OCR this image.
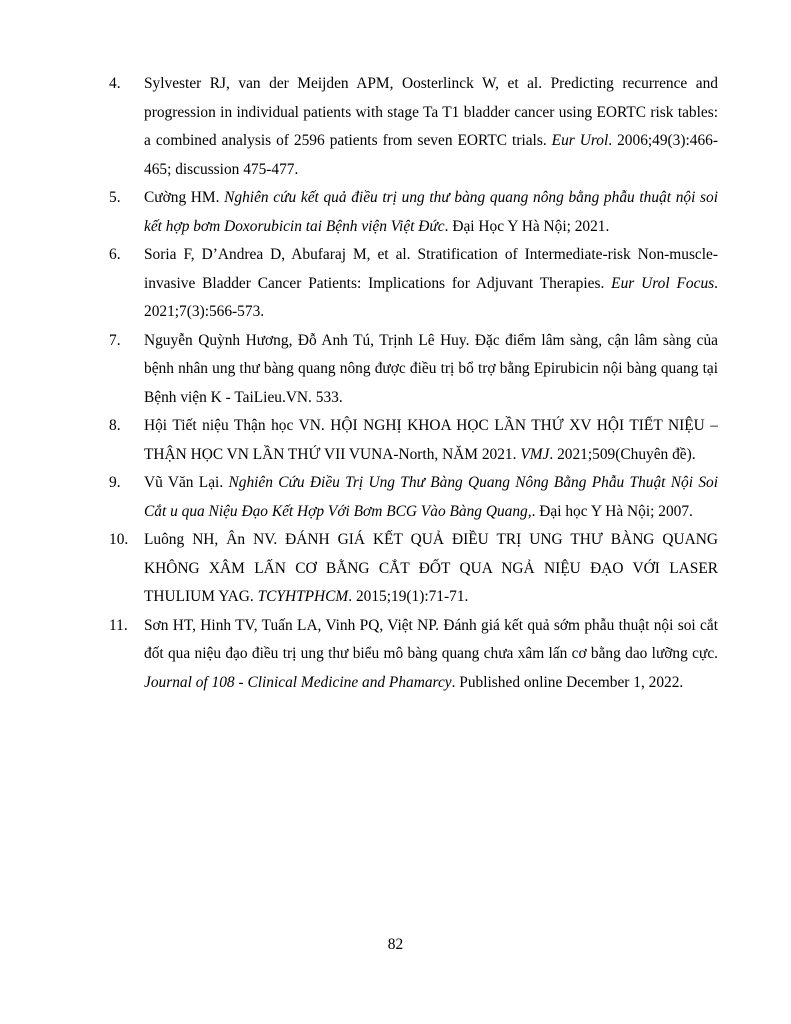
4. Sylvester RJ, van der Meijden APM, Oosterlinck W, et al. Predicting recurrence and progression in individual patients with stage Ta T1 bladder cancer using EORTC risk tables: a combined analysis of 2596 patients from seven EORTC trials. Eur Urol. 2006;49(3):466-465; discussion 475-477.

5. Cường HM. Nghiên cứu kết quả điều trị ung thư bàng quang nông bằng phẫu thuật nội soi kết hợp bơm Doxorubicin tai Bệnh viện Việt Đức. Đại Học Y Hà Nội; 2021.

6. Soria F, D’Andrea D, Abufaraj M, et al. Stratification of Intermediate-risk Non-muscle-invasive Bladder Cancer Patients: Implications for Adjuvant Therapies. Eur Urol Focus. 2021;7(3):566-573.

7. Nguyễn Quỳnh Hương, Đỗ Anh Tú, Trịnh Lê Huy. Đặc điểm lâm sàng, cận lâm sàng của bệnh nhân ung thư bàng quang nông được điều trị bổ trợ bằng Epirubicin nội bàng quang tại Bệnh viện K - TaiLieu.VN. 533.

8. Hội Tiết niệu Thận học VN. HỘI NGHỊ KHOA HỌC LẦN THỨ XV HỘI TIẾT NIỆU – THẬN HỌC VN LẦN THỨ VII VUNA-North, NĂM 2021. VMJ. 2021;509(Chuyên đề).

9. Vũ Văn Lại. Nghiên Cứu Điều Trị Ung Thư Bàng Quang Nông Bằng Phẫu Thuật Nội Soi Cắt u qua Niệu Đạo Kết Hợp Với Bơm BCG Vào Bàng Quang,. Đại học Y Hà Nội; 2007.

10. Luông NH, Ân NV. ĐÁNH GIÁ KẾT QUẢ ĐIỀU TRỊ UNG THƯ BÀNG QUANG KHÔNG XÂM LẤN CƠ BẰNG CẮT ĐỐT QUA NGẢ NIỆU ĐẠO VỚI LASER THULIUM YAG. TCYHTPHCM. 2015;19(1):71-71.

11. Sơn HT, Hinh TV, Tuấn LA, Vinh PQ, Việt NP. Đánh giá kết quả sớm phẫu thuật nội soi cắt đốt qua niệu đạo điều trị ung thư biểu mô bàng quang chưa xâm lấn cơ bằng dao lưỡng cực. Journal of 108 - Clinical Medicine and Phamarcy. Published online December 1, 2022.

82
